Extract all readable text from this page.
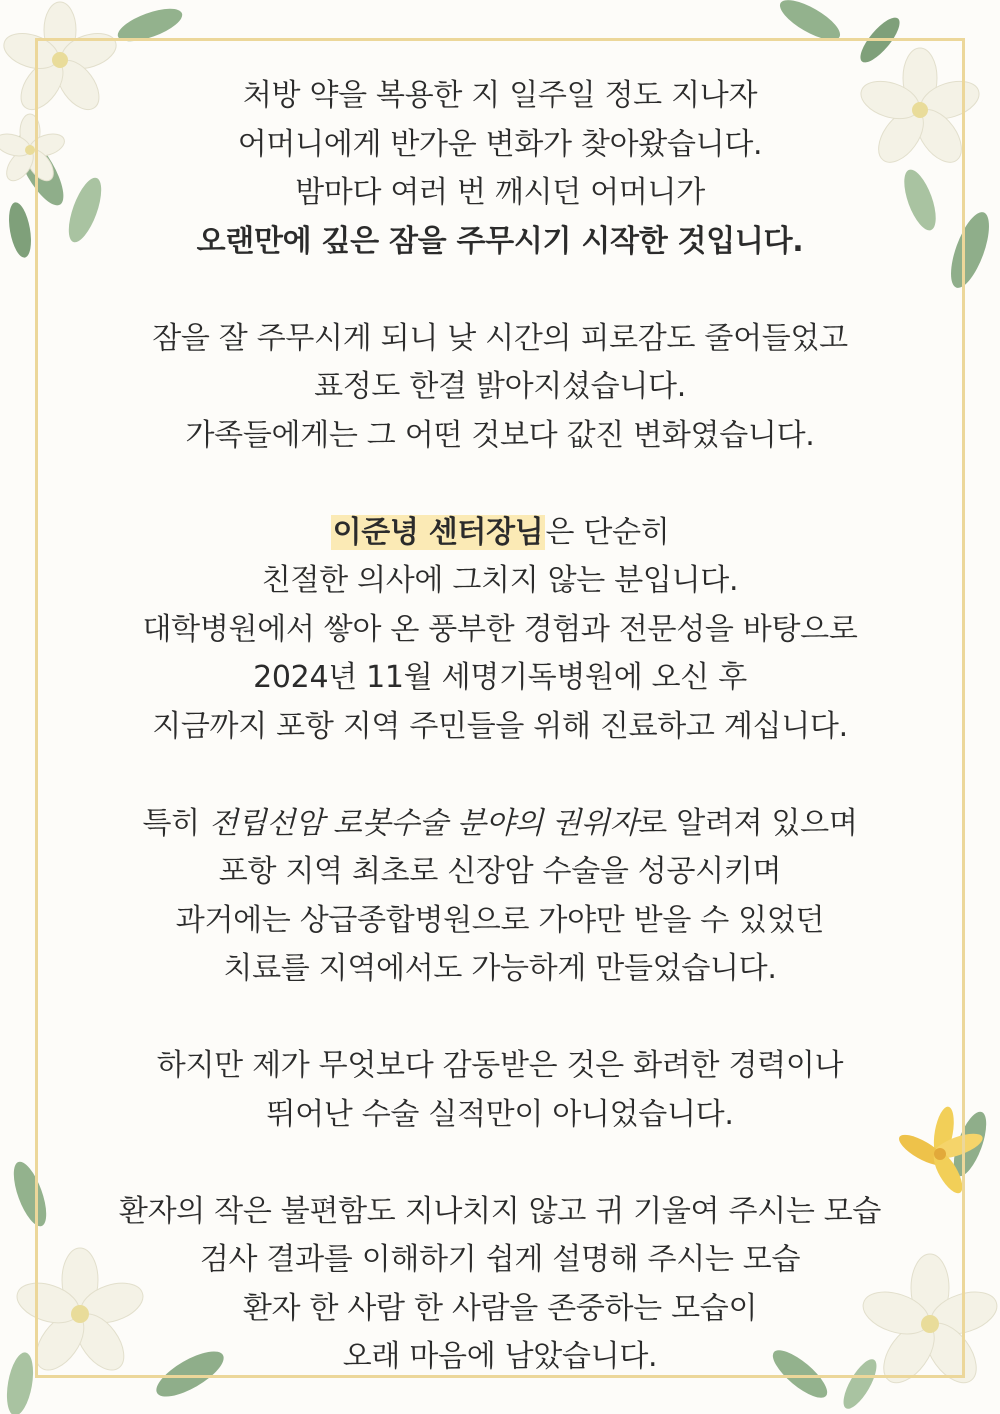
처방 약을 복용한 지 일주일 정도 지나자
어머니에게 반가운 변화가 찾아왔습니다.
밤마다 여러 번 깨시던 어머니가
오랜만에 깊은 잠을 주무시기 시작한 것입니다.
잠을 잘 주무시게 되니 낮 시간의 피로감도 줄어들었고
표정도 한결 밝아지셨습니다.
가족들에게는 그 어떤 것보다 값진 변화였습니다.
이준녕 센터장님은 단순히
친절한 의사에 그치지 않는 분입니다.
대학병원에서 쌓아 온 풍부한 경험과 전문성을 바탕으로
2024년 11월 세명기독병원에 오신 후
지금까지 포항 지역 주민들을 위해 진료하고 계십니다.
특히 전립선암 로봇수술 분야의 권위자로 알려져 있으며
포항 지역 최초로 신장암 수술을 성공시키며
과거에는 상급종합병원으로 가야만 받을 수 있었던
치료를 지역에서도 가능하게 만들었습니다.
하지만 제가 무엇보다 감동받은 것은 화려한 경력이나
뛰어난 수술 실적만이 아니었습니다.
환자의 작은 불편함도 지나치지 않고 귀 기울여 주시는 모습
검사 결과를 이해하기 쉽게 설명해 주시는 모습
환자 한 사람 한 사람을 존중하는 모습이
오래 마음에 남았습니다.
